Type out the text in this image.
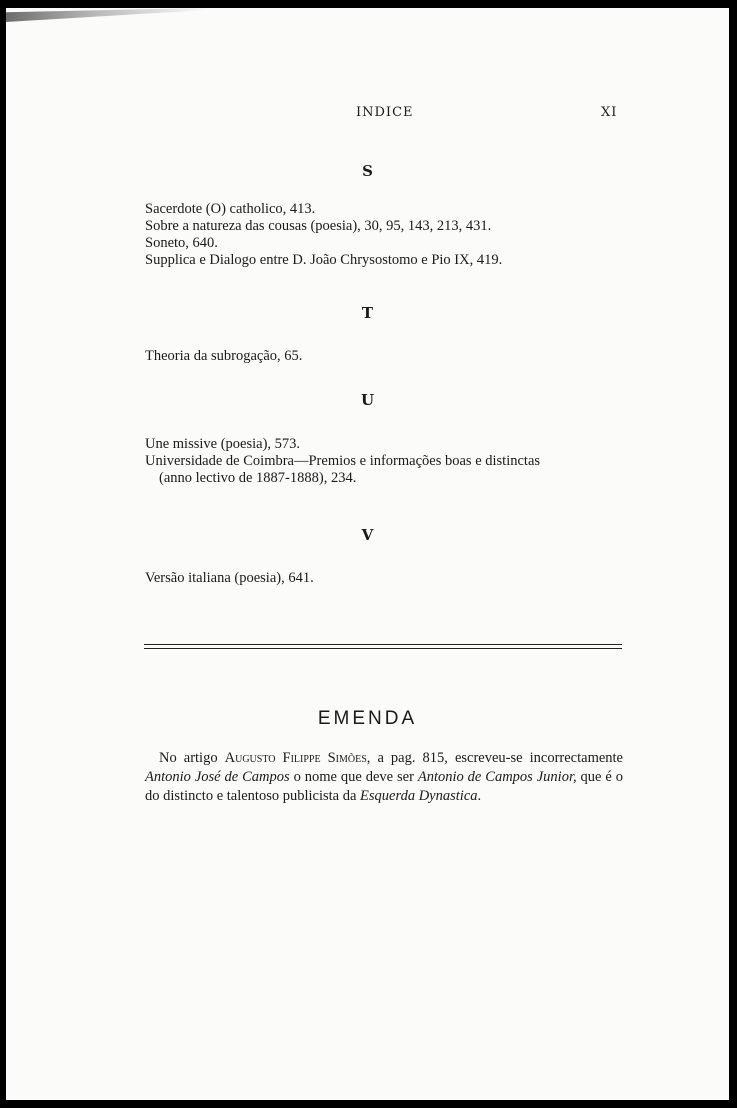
INDICE	XI
S
Sacerdote (O) catholico, 413.
Sobre a natureza das cousas (poesia), 30, 95, 143, 213, 431.
Soneto, 640.
Supplica e Dialogo entre D. João Chrysostomo e Pio IX, 419.
T
Theoria da subrogação, 65.
U
Une missive (poesia), 573.
Universidade de Coimbra—Premios e informações boas e distinctas
(anno lectivo de 1887-1888), 234.
V
Versão italiana (poesia), 641.
EMENDA
No artigo Augusto Filippe Simões, a pag. 815, escreveu-se incorrectamente Antonio José de Campos o nome que deve ser Antonio de Campos Junior, que é o do distincto e talentoso publicista da Esquerda Dynastica.
